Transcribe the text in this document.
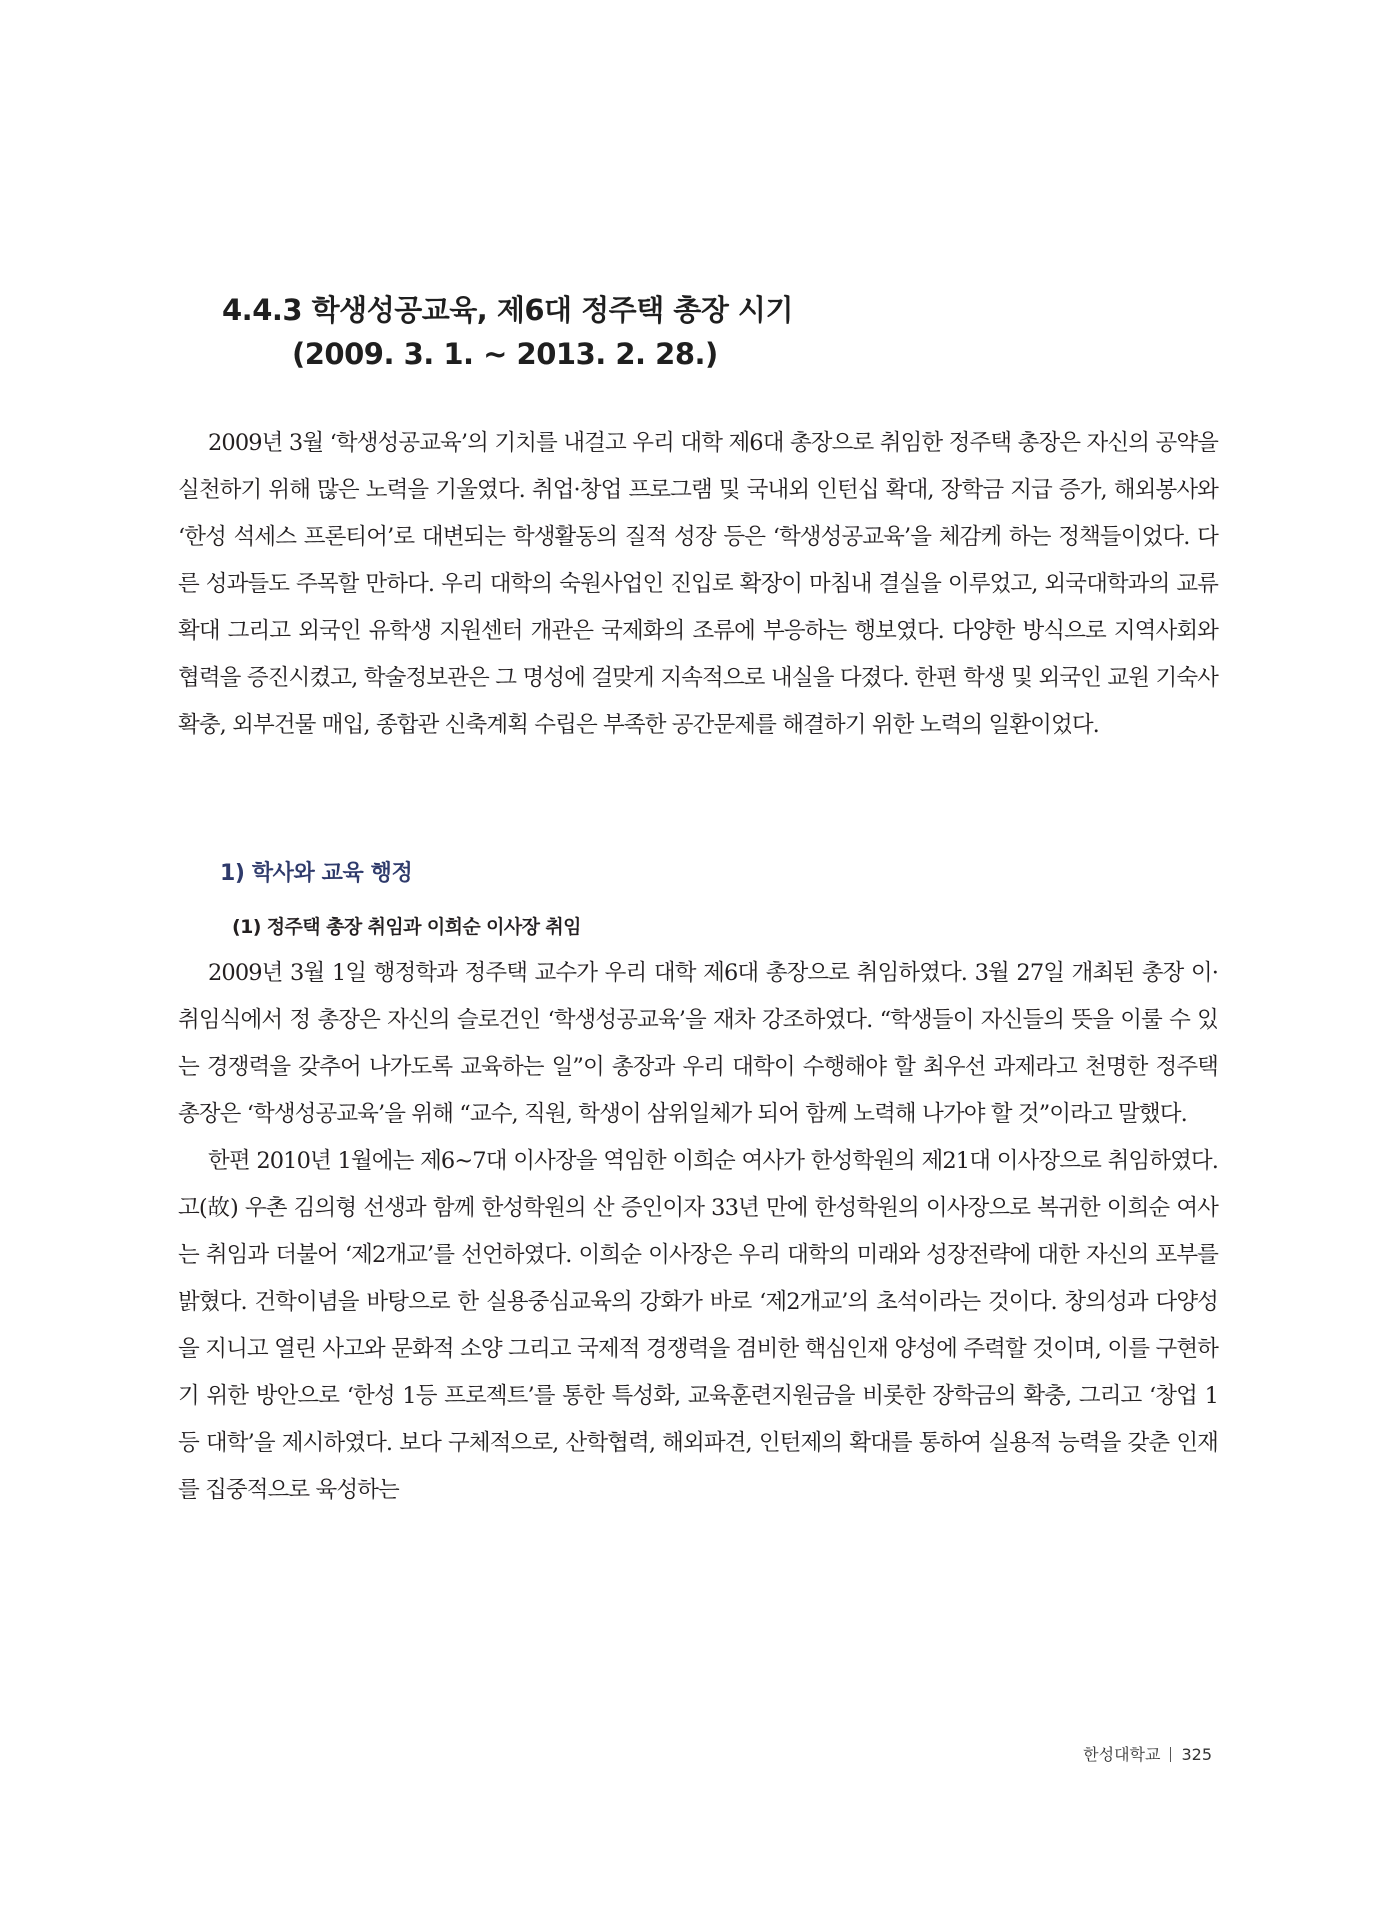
4.4.3 학생성공교육, 제6대 정주택 총장 시기
(2009. 3. 1. ~ 2013. 2. 28.)

2009년 3월 ‘학생성공교육’의 기치를 내걸고 우리 대학 제6대 총장으로 취임한 정주택 총장은 자신의 공약을 실천하기 위해 많은 노력을 기울였다. 취업·창업 프로그램 및 국내외 인턴십 확대, 장학금 지급 증가, 해외봉사와 ‘한성 석세스 프론티어’로 대변되는 학생활동의 질적 성장 등은 ‘학생성공교육’을 체감케 하는 정책들이었다. 다른 성과들도 주목할 만하다. 우리 대학의 숙원사업인 진입로 확장이 마침내 결실을 이루었고, 외국대학과의 교류확대 그리고 외국인 유학생 지원센터 개관은 국제화의 조류에 부응하는 행보였다. 다양한 방식으로 지역사회와 협력을 증진시켰고, 학술정보관은 그 명성에 걸맞게 지속적으로 내실을 다졌다. 한편 학생 및 외국인 교원 기숙사 확충, 외부건물 매입, 종합관 신축계획 수립은 부족한 공간문제를 해결하기 위한 노력의 일환이었다.

1) 학사와 교육 행정
(1) 정주택 총장 취임과 이희순 이사장 취임

2009년 3월 1일 행정학과 정주택 교수가 우리 대학 제6대 총장으로 취임하였다. 3월 27일 개최된 총장 이·취임식에서 정 총장은 자신의 슬로건인 ‘학생성공교육’을 재차 강조하였다. “학생들이 자신들의 뜻을 이룰 수 있는 경쟁력을 갖추어 나가도록 교육하는 일”이 총장과 우리 대학이 수행해야 할 최우선 과제라고 천명한 정주택 총장은 ‘학생성공교육’을 위해 “교수, 직원, 학생이 삼위일체가 되어 함께 노력해 나가야 할 것”이라고 말했다.

한편 2010년 1월에는 제6~7대 이사장을 역임한 이희순 여사가 한성학원의 제21대 이사장으로 취임하였다. 고(故) 우촌 김의형 선생과 함께 한성학원의 산 증인이자 33년 만에 한성학원의 이사장으로 복귀한 이희순 여사는 취임과 더불어 ‘제2개교’를 선언하였다. 이희순 이사장은 우리 대학의 미래와 성장전략에 대한 자신의 포부를 밝혔다. 건학이념을 바탕으로 한 실용중심교육의 강화가 바로 ‘제2개교’의 초석이라는 것이다. 창의성과 다양성을 지니고 열린 사고와 문화적 소양 그리고 국제적 경쟁력을 겸비한 핵심인재 양성에 주력할 것이며, 이를 구현하기 위한 방안으로 ‘한성 1등 프로젝트’를 통한 특성화, 교육훈련지원금을 비롯한 장학금의 확충, 그리고 ‘창업 1등 대학’을 제시하였다. 보다 구체적으로, 산학협력, 해외파견, 인턴제의 확대를 통하여 실용적 능력을 갖춘 인재를 집중적으로 육성하는

한성대학교 325
